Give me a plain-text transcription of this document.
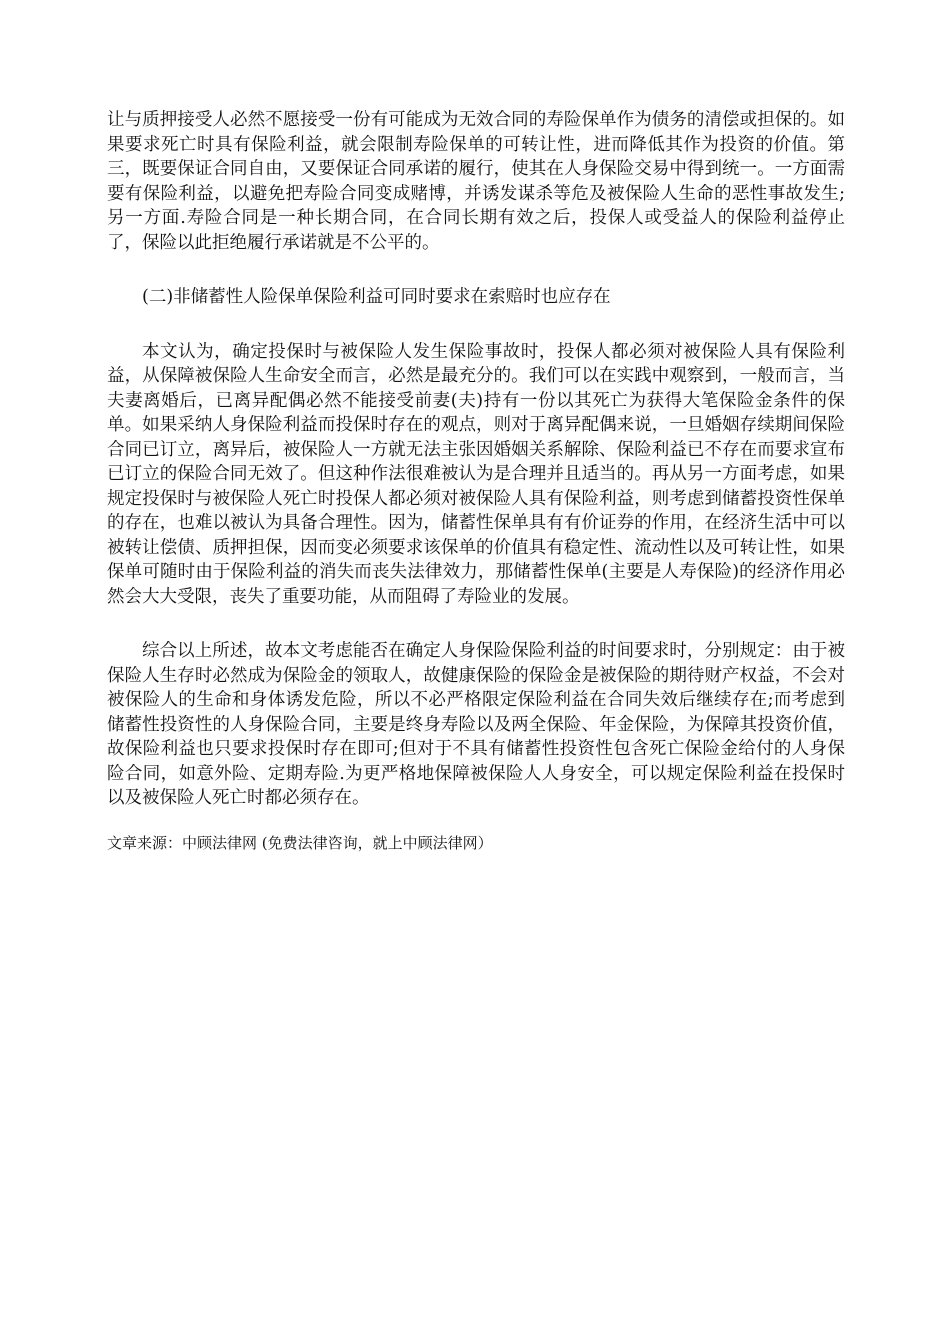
让与质押接受人必然不愿接受一份有可能成为无效合同的寿险保单作为债务的清偿或担保的。如果要求死亡时具有保险利益，就会限制寿险保单的可转让性，进而降低其作为投资的价值。第三，既要保证合同自由，又要保证合同承诺的履行，使其在人身保险交易中得到统一。一方面需要有保险利益，以避免把寿险合同变成赌博，并诱发谋杀等危及被保险人生命的恶性事故发生;另一方面.寿险合同是一种长期合同，在合同长期有效之后，投保人或受益人的保险利益停止了，保险以此拒绝履行承诺就是不公平的。

(二)非储蓄性人险保单保险利益可同时要求在索赔时也应存在

本文认为，确定投保时与被保险人发生保险事故时，投保人都必须对被保险人具有保险利益，从保障被保险人生命安全而言，必然是最充分的。我们可以在实践中观察到，一般而言，当夫妻离婚后，已离异配偶必然不能接受前妻(夫)持有一份以其死亡为获得大笔保险金条件的保单。如果采纳人身保险利益而投保时存在的观点，则对于离异配偶来说，一旦婚姻存续期间保险合同已订立，离异后，被保险人一方就无法主张因婚姻关系解除、保险利益已不存在而要求宣布已订立的保险合同无效了。但这种作法很难被认为是合理并且适当的。再从另一方面考虑，如果规定投保时与被保险人死亡时投保人都必须对被保险人具有保险利益，则考虑到储蓄投资性保单的存在，也难以被认为具备合理性。因为，储蓄性保单具有有价证券的作用，在经济生活中可以被转让偿债、质押担保，因而变必须要求该保单的价值具有稳定性、流动性以及可转让性，如果保单可随时由于保险利益的消失而丧失法律效力，那储蓄性保单(主要是人寿保险)的经济作用必然会大大受限，丧失了重要功能，从而阻碍了寿险业的发展。

综合以上所述，故本文考虑能否在确定人身保险保险利益的时间要求时，分别规定：由于被保险人生存时必然成为保险金的领取人，故健康保险的保险金是被保险的期待财产权益，不会对被保险人的生命和身体诱发危险，所以不必严格限定保险利益在合同失效后继续存在;而考虑到储蓄性投资性的人身保险合同，主要是终身寿险以及两全保险、年金保险，为保障其投资价值，故保险利益也只要求投保时存在即可;但对于不具有储蓄性投资性包含死亡保险金给付的人身保险合同，如意外险、定期寿险.为更严格地保障被保险人人身安全，可以规定保险利益在投保时以及被保险人死亡时都必须存在。

文章来源：中顾法律网 (免费法律咨询，就上中顾法律网）
